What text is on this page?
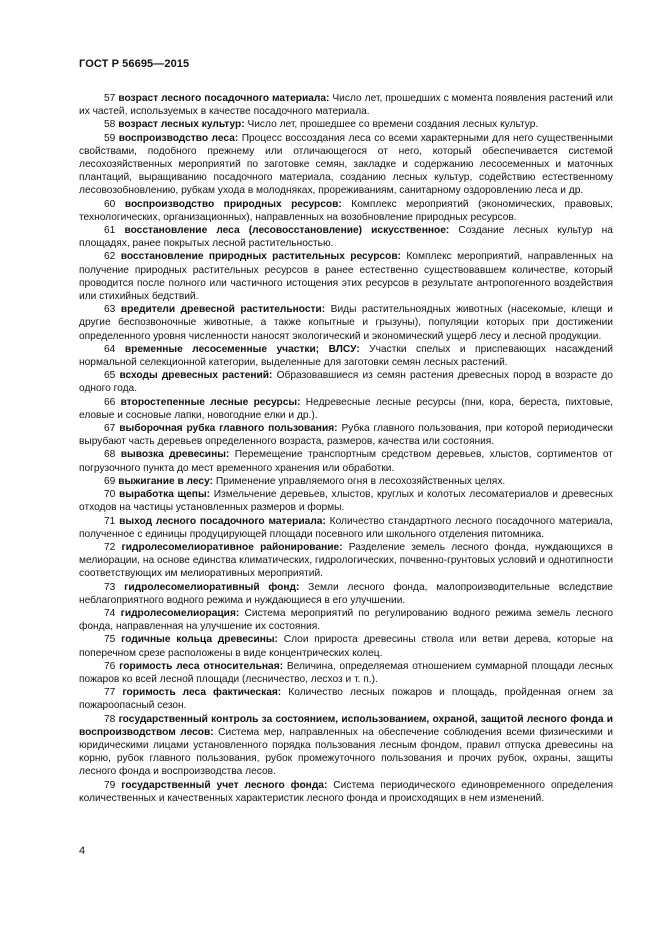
ГОСТ Р 56695—2015

57 возраст лесного посадочного материала: Число лет, прошедших с момента появления растений или их частей, используемых в качестве посадочного материала.

58 возраст лесных культур: Число лет, прошедшее со времени создания лесных культур.

59 воспроизводство леса: Процесс воссоздания леса со всеми характерными для него существенными свойствами, подобного прежнему или отличающегося от него, который обеспечивается системой лесохозяйственных мероприятий по заготовке семян, закладке и содержанию лесосеменных и маточных плантаций, выращиванию посадочного материала, созданию лесных культур, содействию естественному лесовозобновлению, рубкам ухода в молодняках, прореживаниям, санитарному оздоровлению леса и др.

60 воспроизводство природных ресурсов: Комплекс мероприятий (экономических, правовых, технологических, организационных), направленных на возобновление природных ресурсов.

61 восстановление леса (лесовосстановление) искусственное: Создание лесных культур на площадях, ранее покрытых лесной растительностью.

62 восстановление природных растительных ресурсов: Комплекс мероприятий, направленных на получение природных растительных ресурсов в ранее естественно существовавшем количестве, который проводится после полного или частичного истощения этих ресурсов в результате антропогенного воздействия или стихийных бедствий.

63 вредители древесной растительности: Виды растительноядных животных (насекомые, клещи и другие беспозвоночные животные, а также копытные и грызуны), популяции которых при достижении определенного уровня численности наносят экологический и экономический ущерб лесу и лесной продукции.

64 временные лесосеменные участки; ВЛСУ: Участки спелых и приспевающих насаждений нормальной селекционной категории, выделенные для заготовки семян лесных растений.

65 всходы древесных растений: Образовавшиеся из семян растения древесных пород в возрасте до одного года.

66 второстепенные лесные ресурсы: Недревесные лесные ресурсы (пни, кора, береста, пихтовые, еловые и сосновые лапки, новогодние елки и др.).

67 выборочная рубка главного пользования: Рубка главного пользования, при которой периодически вырубают часть деревьев определенного возраста, размеров, качества или состояния.

68 вывозка древесины: Перемещение транспортным средством деревьев, хлыстов, сортиментов от погрузочного пункта до мест временного хранения или обработки.

69 выжигание в лесу: Применение управляемого огня в лесохозяйственных целях.

70 выработка щепы: Измельчение деревьев, хлыстов, круглых и колотых лесоматериалов и древесных отходов на частицы установленных размеров и формы.

71 выход лесного посадочного материала: Количество стандартного лесного посадочного материала, полученное с единицы продуцирующей площади посевного или школьного отделения питомника.

72 гидролесомелиоративное районирование: Разделение земель лесного фонда, нуждающихся в мелиорации, на основе единства климатических, гидрологических, почвенно-грунтовых условий и однотипности соответствующих им мелиоративных мероприятий.

73 гидролесомелиоративный фонд: Земли лесного фонда, малопроизводительные вследствие неблагоприятного водного режима и нуждающиеся в его улучшении.

74 гидролесомелиорация: Система мероприятий по регулированию водного режима земель лесного фонда, направленная на улучшение их состояния.

75 годичные кольца древесины: Слои прироста древесины ствола или ветви дерева, которые на поперечном срезе расположены в виде концентрических колец.

76 горимость леса относительная: Величина, определяемая отношением суммарной площади лесных пожаров ко всей лесной площади (лесничество, лесхоз и т. п.).

77 горимость леса фактическая: Количество лесных пожаров и площадь, пройденная огнем за пожароопасный сезон.

78 государственный контроль за состоянием, использованием, охраной, защитой лесного фонда и воспроизводством лесов: Система мер, направленных на обеспечение соблюдения всеми физическими и юридическими лицами установленного порядка пользования лесным фондом, правил отпуска древесины на корню, рубок главного пользования, рубок промежуточного пользования и прочих рубок, охраны, защиты лесного фонда и воспроизводства лесов.

79 государственный учет лесного фонда: Система периодического единовременного определения количественных и качественных характеристик лесного фонда и происходящих в нем изменений.

4
